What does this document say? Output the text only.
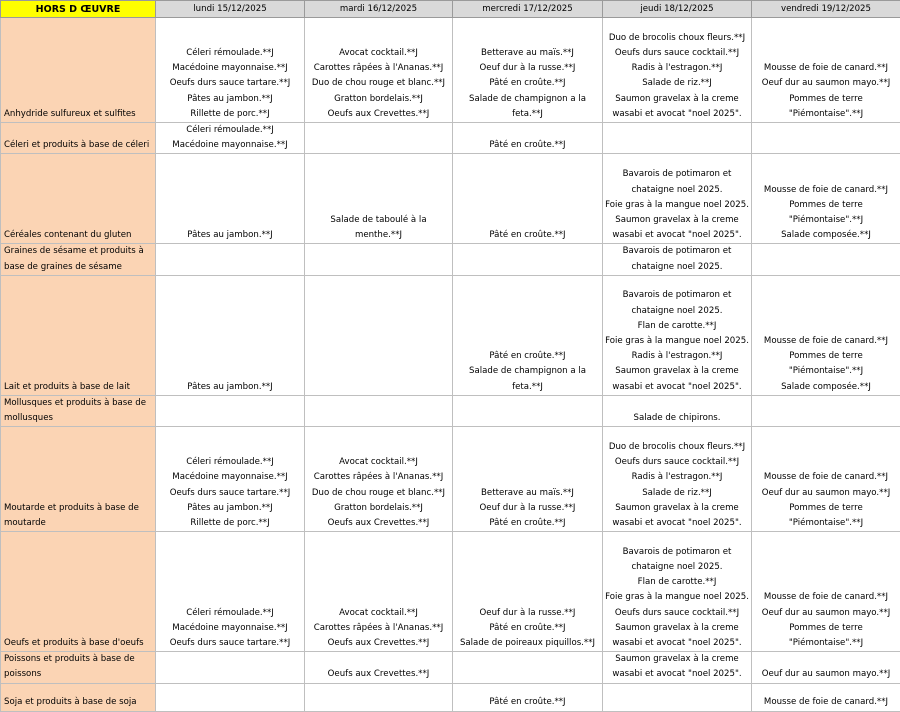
HORS D ŒUVRE	lundi 15/12/2025	mardi 16/12/2025	mercredi 17/12/2025	jeudi 18/12/2025	vendredi 19/12/2025
Anhydride sulfureux et sulfites	Céleri rémoulade.**J
Macédoine mayonnaise.**J
Oeufs durs sauce tartare.**J
Pâtes au jambon.**J
Rillette de porc.**J	Avocat cocktail.**J
Carottes râpées à l'Ananas.**J
Duo de chou rouge et blanc.**J
Gratton bordelais.**J
Oeufs aux Crevettes.**J	Betterave au maïs.**J
Oeuf dur à la russe.**J
Pâté en croûte.**J
Salade de champignon a la feta.**J	Duo de brocolis choux fleurs.**J
Oeufs durs sauce cocktail.**J
Radis à l'estragon.**J
Salade de riz.**J
Saumon gravelax à la creme wasabi et avocat "noel 2025".	Mousse de foie de canard.**J
Oeuf dur au saumon mayo.**J
Pommes de terre "Piémontaise".**J

Céleri et produits à base de céleri	Céleri rémoulade.**J
Macédoine mayonnaise.**J		Pâté en croûte.**J		

Céréales contenant du gluten	Pâtes au jambon.**J	Salade de taboulé à la menthe.**J	Pâté en croûte.**J	Bavarois de potimaron et chataigne noel 2025.
Foie gras à la mangue noel 2025.
Saumon gravelax à la creme wasabi et avocat "noel 2025".	Mousse de foie de canard.**J
Pommes de terre "Piémontaise".**J
Salade composée.**J

Graines de sésame et produits à base de graines de sésame				Bavarois de potimaron et chataigne noel 2025.	

Lait et produits à base de lait	Pâtes au jambon.**J		Pâté en croûte.**J
Salade de champignon a la feta.**J	Bavarois de potimaron et chataigne noel 2025.
Flan de carotte.**J
Foie gras à la mangue noel 2025.
Radis à l'estragon.**J
Saumon gravelax à la creme wasabi et avocat "noel 2025".	Mousse de foie de canard.**J
Pommes de terre "Piémontaise".**J
Salade composée.**J

Mollusques et produits à base de mollusques				Salade de chipirons.	

Moutarde et produits à base de moutarde	Céleri rémoulade.**J
Macédoine mayonnaise.**J
Oeufs durs sauce tartare.**J
Pâtes au jambon.**J
Rillette de porc.**J	Avocat cocktail.**J
Carottes râpées à l'Ananas.**J
Duo de chou rouge et blanc.**J
Gratton bordelais.**J
Oeufs aux Crevettes.**J	Betterave au maïs.**J
Oeuf dur à la russe.**J
Pâté en croûte.**J	Duo de brocolis choux fleurs.**J
Oeufs durs sauce cocktail.**J
Radis à l'estragon.**J
Salade de riz.**J
Saumon gravelax à la creme wasabi et avocat "noel 2025".	Mousse de foie de canard.**J
Oeuf dur au saumon mayo.**J
Pommes de terre "Piémontaise".**J

Oeufs et produits à base d'oeufs	Céleri rémoulade.**J
Macédoine mayonnaise.**J
Oeufs durs sauce tartare.**J	Avocat cocktail.**J
Carottes râpées à l'Ananas.**J
Oeufs aux Crevettes.**J	Oeuf dur à la russe.**J
Pâté en croûte.**J
Salade de poireaux piquillos.**J	Bavarois de potimaron et chataigne noel 2025.
Flan de carotte.**J
Foie gras à la mangue noel 2025.
Oeufs durs sauce cocktail.**J
Saumon gravelax à la creme wasabi et avocat "noel 2025".	Mousse de foie de canard.**J
Oeuf dur au saumon mayo.**J
Pommes de terre "Piémontaise".**J

Poissons et produits à base de poissons		Oeufs aux Crevettes.**J		Saumon gravelax à la creme wasabi et avocat "noel 2025".	Oeuf dur au saumon mayo.**J

Soja et produits à base de soja			Pâté en croûte.**J		Mousse de foie de canard.**J
